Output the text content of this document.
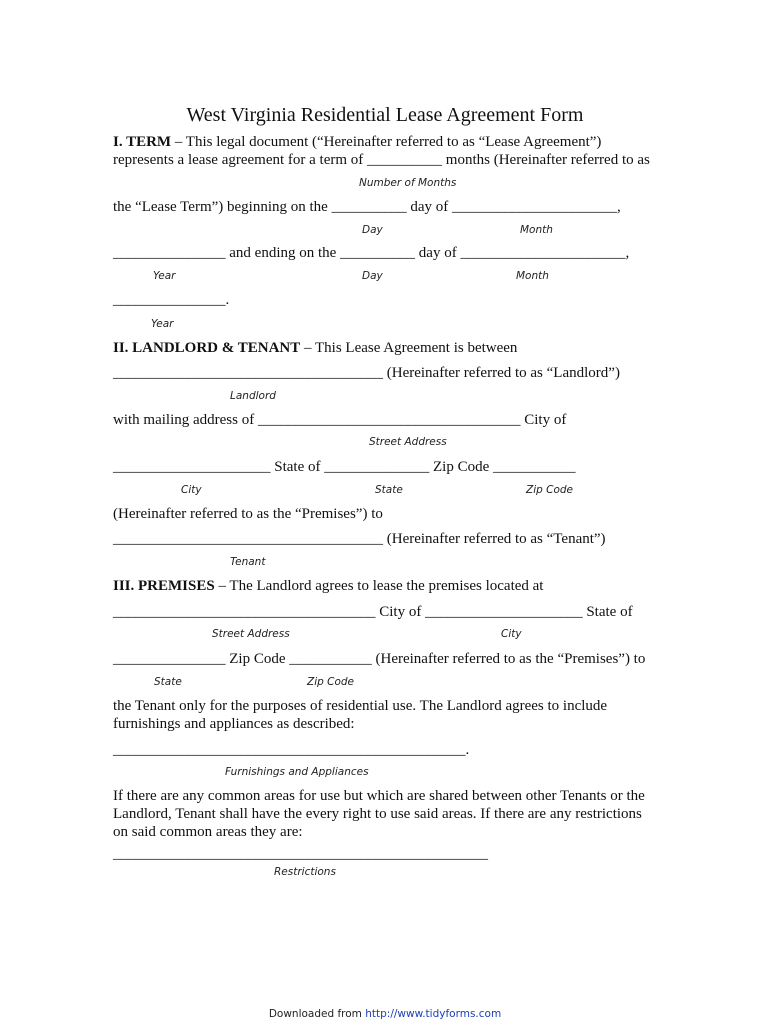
West Virginia Residential Lease Agreement Form
I. TERM – This legal document (“Hereinafter referred to as “Lease Agreement”)
represents a lease agreement for a term of __________ months (Hereinafter referred to as
Number of Months
the “Lease Term”) beginning on the __________ day of ______________________,
Day	Month
_______________ and ending on the __________ day of ______________________,
Year	Day	Month
_______________.
Year
II. LANDLORD & TENANT – This Lease Agreement is between
____________________________________ (Hereinafter referred to as “Landlord”)
Landlord
with mailing address of ___________________________________ City of
Street Address
_____________________ State of ______________ Zip Code ___________
City	State	Zip Code
(Hereinafter referred to as the “Premises”) to
____________________________________ (Hereinafter referred to as “Tenant”)
Tenant
III. PREMISES – The Landlord agrees to lease the premises located at
___________________________________ City of _____________________ State of
Street Address	City
_______________ Zip Code ___________ (Hereinafter referred to as the “Premises”) to
State	Zip Code
the Tenant only for the purposes of residential use. The Landlord agrees to include
furnishings and appliances as described:
_______________________________________________.
Furnishings and Appliances
If there are any common areas for use but which are shared between other Tenants or the
Landlord, Tenant shall have the every right to use said areas. If there are any restrictions
on said common areas they are:
__________________________________________________
Restrictions
Downloaded from http://www.tidyforms.com
